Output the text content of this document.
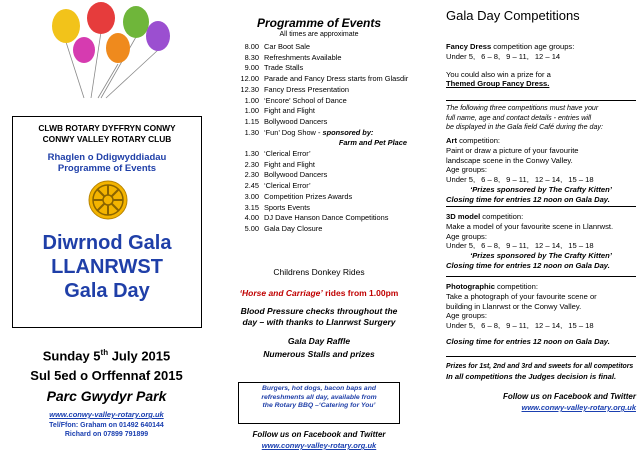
CLWB ROTARY DYFFRYN CONWY
CONWY VALLEY ROTARY CLUB
Rhaglen o Ddigwyddiadau
Programme of Events
Diwrnod Gala
LLANRWST
Gala Day
Sunday 5th July 2015
Sul 5ed o Orffennaf 2015
Parc Gwydyr Park
www.conwy-valley-rotary.org.uk
Tel/Ffon: Graham on 01492 640144
Richard on 07899 791899
Programme of Events
All times are approximate
8.00 Car Boot Sale
8.30 Refreshments Available
9.00 Trade Stalls
12.00 Parade and Fancy Dress starts from Glasdir
12.30 Fancy Dress Presentation
1.00 ‘Encore’ School of Dance
1.00 Fight and Flight
1.15 Bollywood Dancers
1.30 ‘Fun’ Dog Show - sponsored by:
Farm and Pet Place
1.30 ‘Clerical Error’
2.30 Fight and Flight
2.30 Bollywood Dancers
2.45 ‘Clerical Error’
3.00 Competition Prizes Awards
3.15 Sports Events
4.00 DJ Dave Hanson Dance Competitions
5.00 Gala Day Closure
Childrens Donkey Rides
‘Horse and Carriage’ rides from 1.00pm
Blood Pressure checks throughout the
day – with thanks to Llanrwst Surgery
Gala Day Raffle
Numerous Stalls and prizes
Burgers, hot dogs, bacon baps and
refreshments all day, available from
the Rotary BBQ –‘Catering for You’
Follow us on Facebook and Twitter
www.conwy-valley-rotary.org.uk
Gala Day Competitions
Fancy Dress competition age groups:
Under 5, 6 – 8, 9 – 11, 12 – 14
You could also win a prize for a
Themed Group Fancy Dress.
The following three competitions must have your
full name, age and contact details - entries will
be displayed in the Gala field Café during the day:
Art competition:
Paint or draw a picture of your favourite
landscape scene in the Conwy Valley.
Age groups:
Under 5, 6 – 8, 9 – 11, 12 – 14, 15 – 18
‘Prizes sponsored by The Crafty Kitten’
Closing time for entries 12 noon on Gala Day.
3D model competition:
Make a model of your favourite scene in Llanrwst.
Age groups:
Under 5, 6 – 8, 9 – 11, 12 – 14, 15 – 18
‘Prizes sponsored by The Crafty Kitten’
Closing time for entries 12 noon on Gala Day.
Photographic competition:
Take a photograph of your favourite scene or
building in Llanrwst or the Conwy Valley.
Age groups:
Under 5, 6 – 8, 9 – 11, 12 – 14, 15 – 18
Closing time for entries 12 noon on Gala Day.
Prizes for 1st, 2nd and 3rd and sweets for all competitors
In all competitions the Judges decision is final.
Follow us on Facebook and Twitter
www.conwy-valley-rotary.org.uk
